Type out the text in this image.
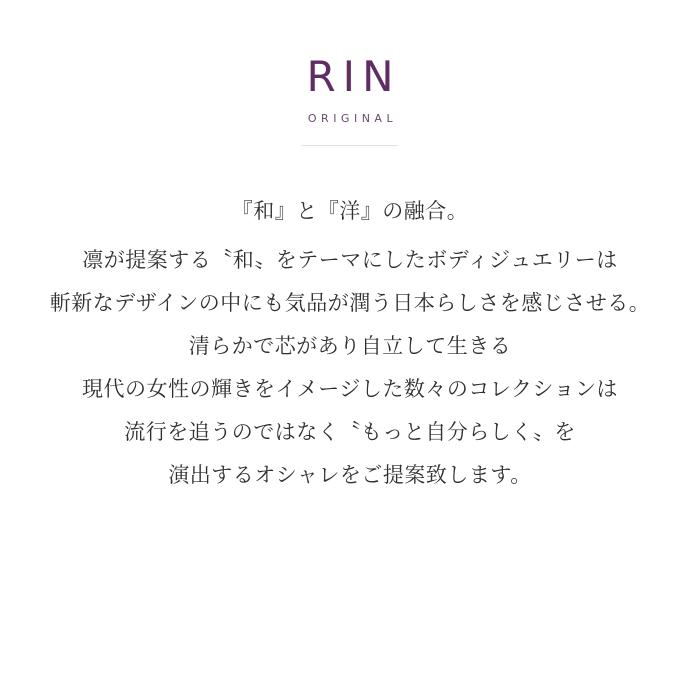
RIN
ORIGINAL

『和』と『洋』の融合。

凛が提案する〝和〟をテーマにしたボディジュエリーは

斬新なデザインの中にも気品が潤う日本らしさを感じさせる。

清らかで芯があり自立して生きる

現代の女性の輝きをイメージした数々のコレクションは

流行を追うのではなく〝もっと自分らしく〟を

演出するオシャレをご提案致します。
